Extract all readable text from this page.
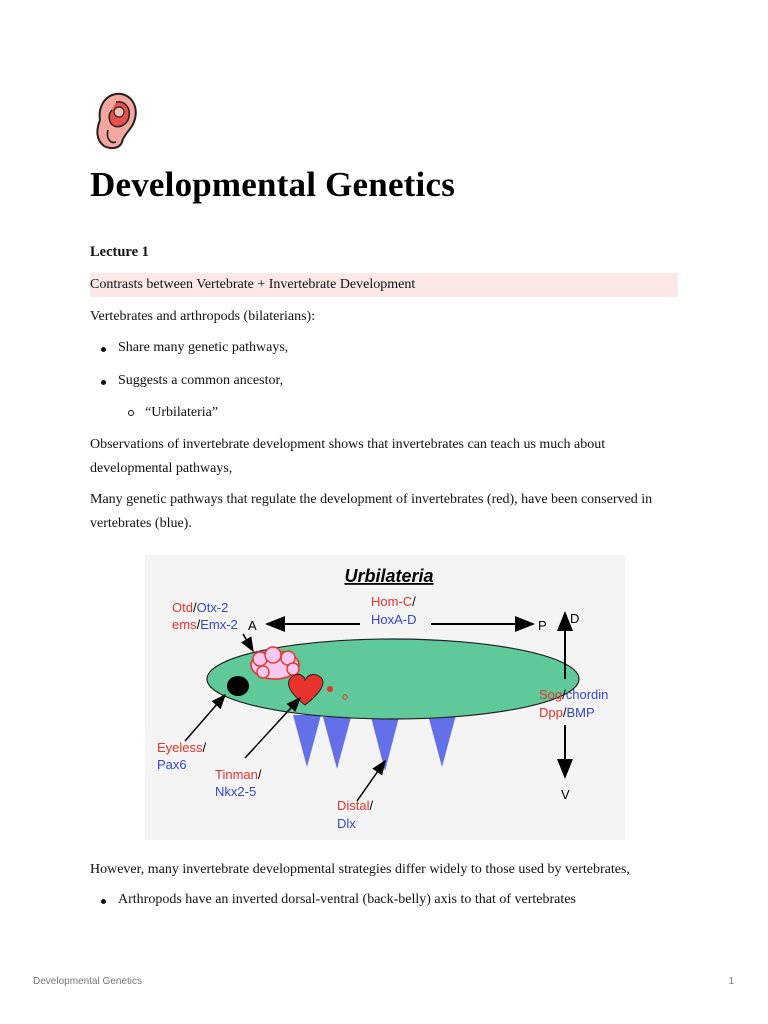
Developmental Genetics
Lecture 1
Contrasts between Vertebrate + Invertebrate Development
Vertebrates and arthropods (bilaterians):
Share many genetic pathways,
Suggests a common ancestor,
“Urbilateria”
Observations of invertebrate development shows that invertebrates can teach us much about developmental pathways,
Many genetic pathways that regulate the development of invertebrates (red), have been conserved in vertebrates (blue).
Urbilateria
Otd/Otx-2
ems/Emx-2 A
Hom-C/
HoxA-D	P D
V
Sog/chordin
Dpp/BMP
Eyeless/
Pax6
Tinman/
Nkx2-5
Distal/
Dlx
However, many invertebrate developmental strategies differ widely to those used by vertebrates,
Arthropods have an inverted dorsal-ventral (back-belly) axis to that of vertebrates
Developmental Genetics	1
